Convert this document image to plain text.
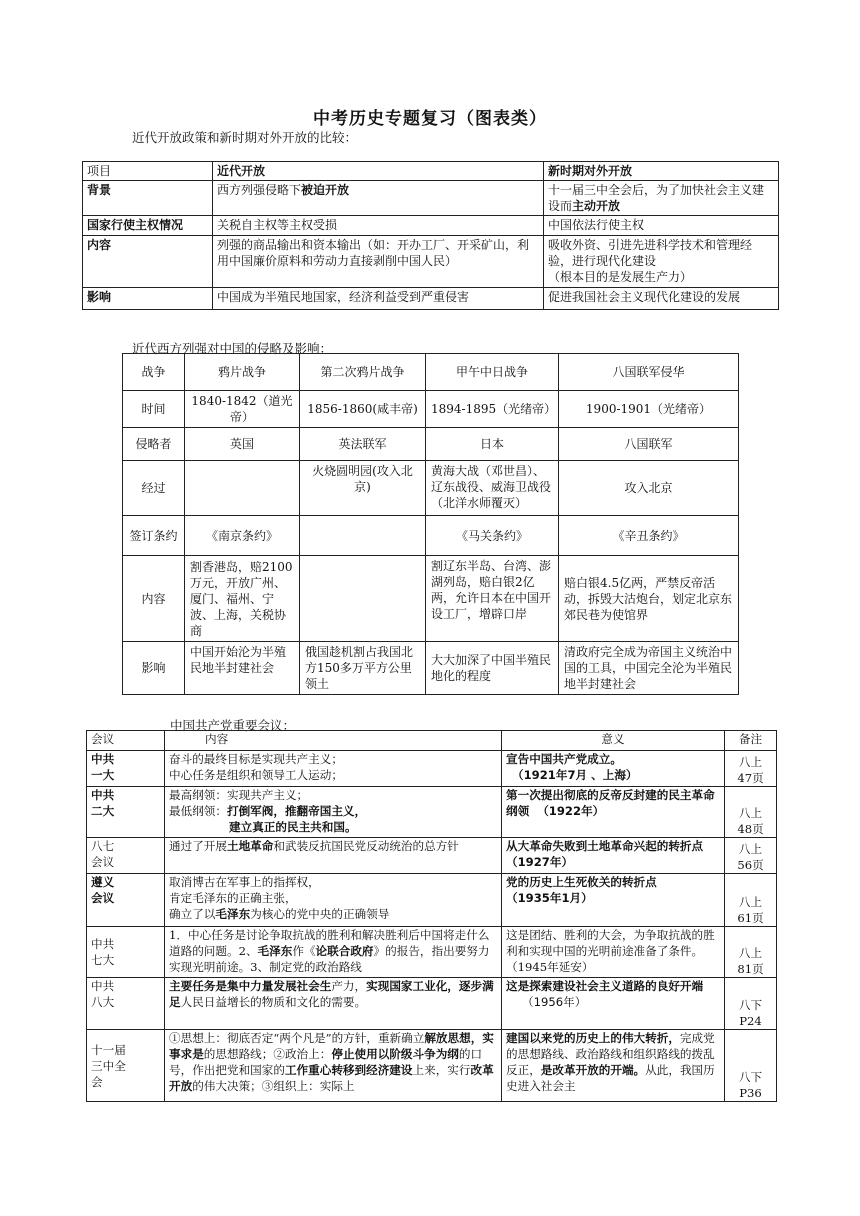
中考历史专题复习（图表类）
近代开放政策和新时期对外开放的比较：
项目	近代开放	新时期对外开放
背景	西方列强侵略下被迫开放	十一届三中全会后，为了加快社会主义建设而主动开放
国家行使主权情况	关税自主权等主权受损	中国依法行使主权
内容	列强的商品输出和资本输出（如：开办工厂、开采矿山，利用中国廉价原料和劳动力直接剥削中国人民）	吸收外资、引进先进科学技术和管理经验，进行现代化建设
（根本目的是发展生产力）

影响	中国成为半殖民地国家，经济利益受到严重侵害	促进我国社会主义现代化建设的发展
近代西方列强对中国的侵略及影响：
战争	鸦片战争	第二次鸦片战争	甲午中日战争	八国联军侵华
时间	1840-1842（道光帝）	1856-1860(咸丰帝)	1894-1895（光绪帝）	1900-1901（光绪帝）
侵略者	英国	英法联军	日本	八国联军
经过		火烧圆明园(攻入北京)	黄海大战（邓世昌）、辽东战役、威海卫战役（北洋水师覆灭）	攻入北京
签订条约	《南京条约》		《马关条约》	《辛丑条约》
内容	割香港岛，赔2100万元，开放广州、厦门、福州、宁波、上海，关税协商		割辽东半岛、台湾、澎湖列岛，赔白银2亿两，允许日本在中国开设工厂，增辟口岸	赔白银4.5亿两，严禁反帝活动，拆毁大沽炮台，划定北京东郊民巷为使馆界
影响	中国开始沦为半殖民地半封建社会	俄国趁机割占我国北方150多万平方公里领土	大大加深了中国半殖民地化的程度	清政府完全成为帝国主义统治中国的工具，中国完全沦为半殖民地半封建社会
中国共产党重要会议：
会议	内容	意义	备注

中共
一大	奋斗的最终目标是实现共产主义；
中心任务是组织和领导工人运动；	宣告中国共产党成立。
（1921年7月 、上海）	八上
47页

中共
二大	最高纲领：实现共产主义；
最低纲领：打倒军阀，推翻帝国主义，
建立真正的民主共和国。	第一次提出彻底的反帝反封建的民主革命纲领 （1922年）	八上
48页

八七
会议	通过了开展土地革命和武装反抗国民党反动统治的总方针	从大革命失败到土地革命兴起的转折点（1927年）	八上
56页

遵义
会议	取消博古在军事上的指挥权，
肯定毛泽东的正确主张，
确立了以毛泽东为核心的党中央的正确领导	党的历史上生死攸关的转折点
（1935年1月）	八上
61页

中共
七大	1．中心任务是讨论争取抗战的胜利和解决胜利后中国将走什么道路的问题。2、毛泽东作《论联合政府》的报告，指出要努力实现光明前途。3、制定党的政治路线	这是团结、胜利的大会，为争取抗战的胜利和实现中国的光明前途准备了条件。（1945年延安）	八上
81页

中共
八大	主要任务是集中力量发展社会生产力，实现国家工业化，逐步满足人民日益增长的物质和文化的需要。	这是探索建设社会主义道路的良好开端
（1956年）	八下
P24

十一届
三中全
会	①思想上：彻底否定“两个凡是”的方针，重新确立解放思想，实事求是的思想路线；②政治上：停止使用以阶级斗争为纲的口号，作出把党和国家的工作重心转移到经济建设上来，实行改革开放的伟大决策；③组织上：实际上	建国以来党的历史上的伟大转折，完成党的思想路线、政治路线和组织路线的拨乱反正，是改革开放的开端。从此，我国历史进入社会主	八下
P36
